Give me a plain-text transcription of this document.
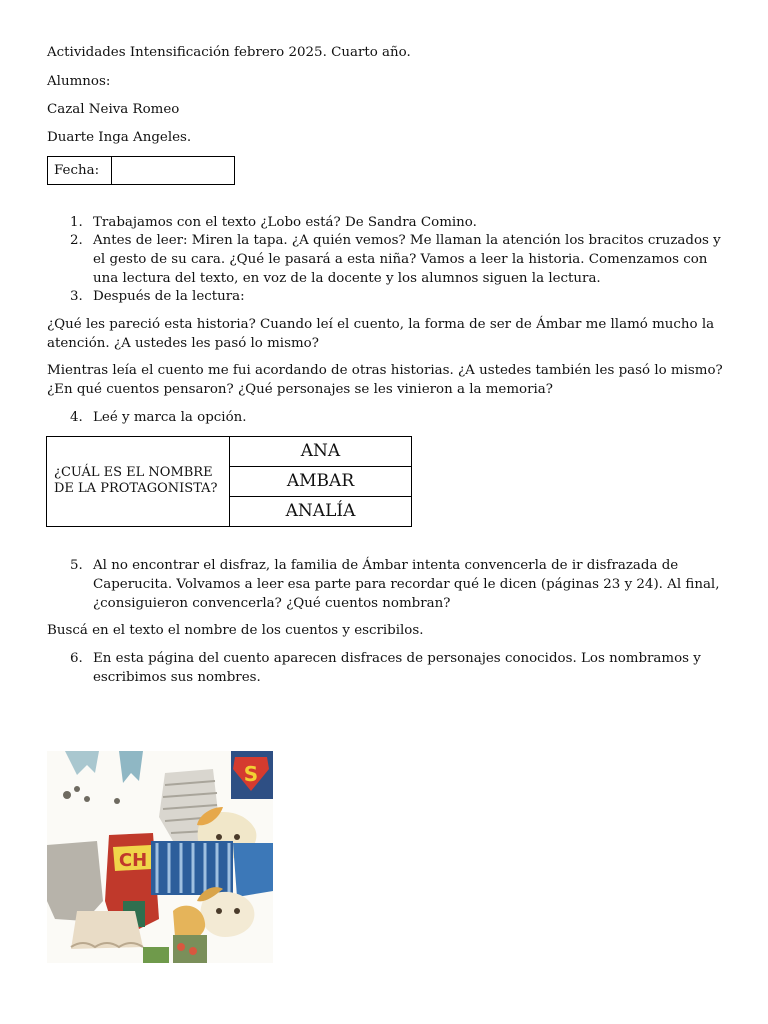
Actividades Intensificación febrero 2025. Cuarto año.
Alumnos:
Cazal Neiva Romeo
Duarte Inga Angeles.
Fecha:
1. Trabajamos con el texto ¿Lobo está? De Sandra Comino.
2. Antes de leer: Miren la tapa. ¿A quién vemos? Me llaman la atención los bracitos cruzados y el gesto de su cara. ¿Qué le pasará a esta niña? Vamos a leer la historia. Comenzamos con una lectura del texto, en voz de la docente y los alumnos siguen la lectura.
3. Después de la lectura:
¿Qué les pareció esta historia? Cuando leí el cuento, la forma de ser de Ámbar me llamó mucho la atención. ¿A ustedes les pasó lo mismo?
Mientras leía el cuento me fui acordando de otras historias. ¿A ustedes también les pasó lo mismo? ¿En qué cuentos pensaron? ¿Qué personajes se les vinieron a la memoria?
4. Leé y marca la opción.
¿CUÁL ES EL NOMBRE DE LA PROTAGONISTA?
ANA
AMBAR
ANALÍA
5. Al no encontrar el disfraz, la familia de Ámbar intenta convencerla de ir disfrazada de Caperucita. Volvamos a leer esa parte para recordar qué le dicen (páginas 23 y 24). Al final, ¿consiguieron convencerla? ¿Qué cuentos nombran?
Buscá en el texto el nombre de los cuentos y escribilos.
6. En esta página del cuento aparecen disfraces de personajes conocidos. Los nombramos y escribimos sus nombres.
S
CH
